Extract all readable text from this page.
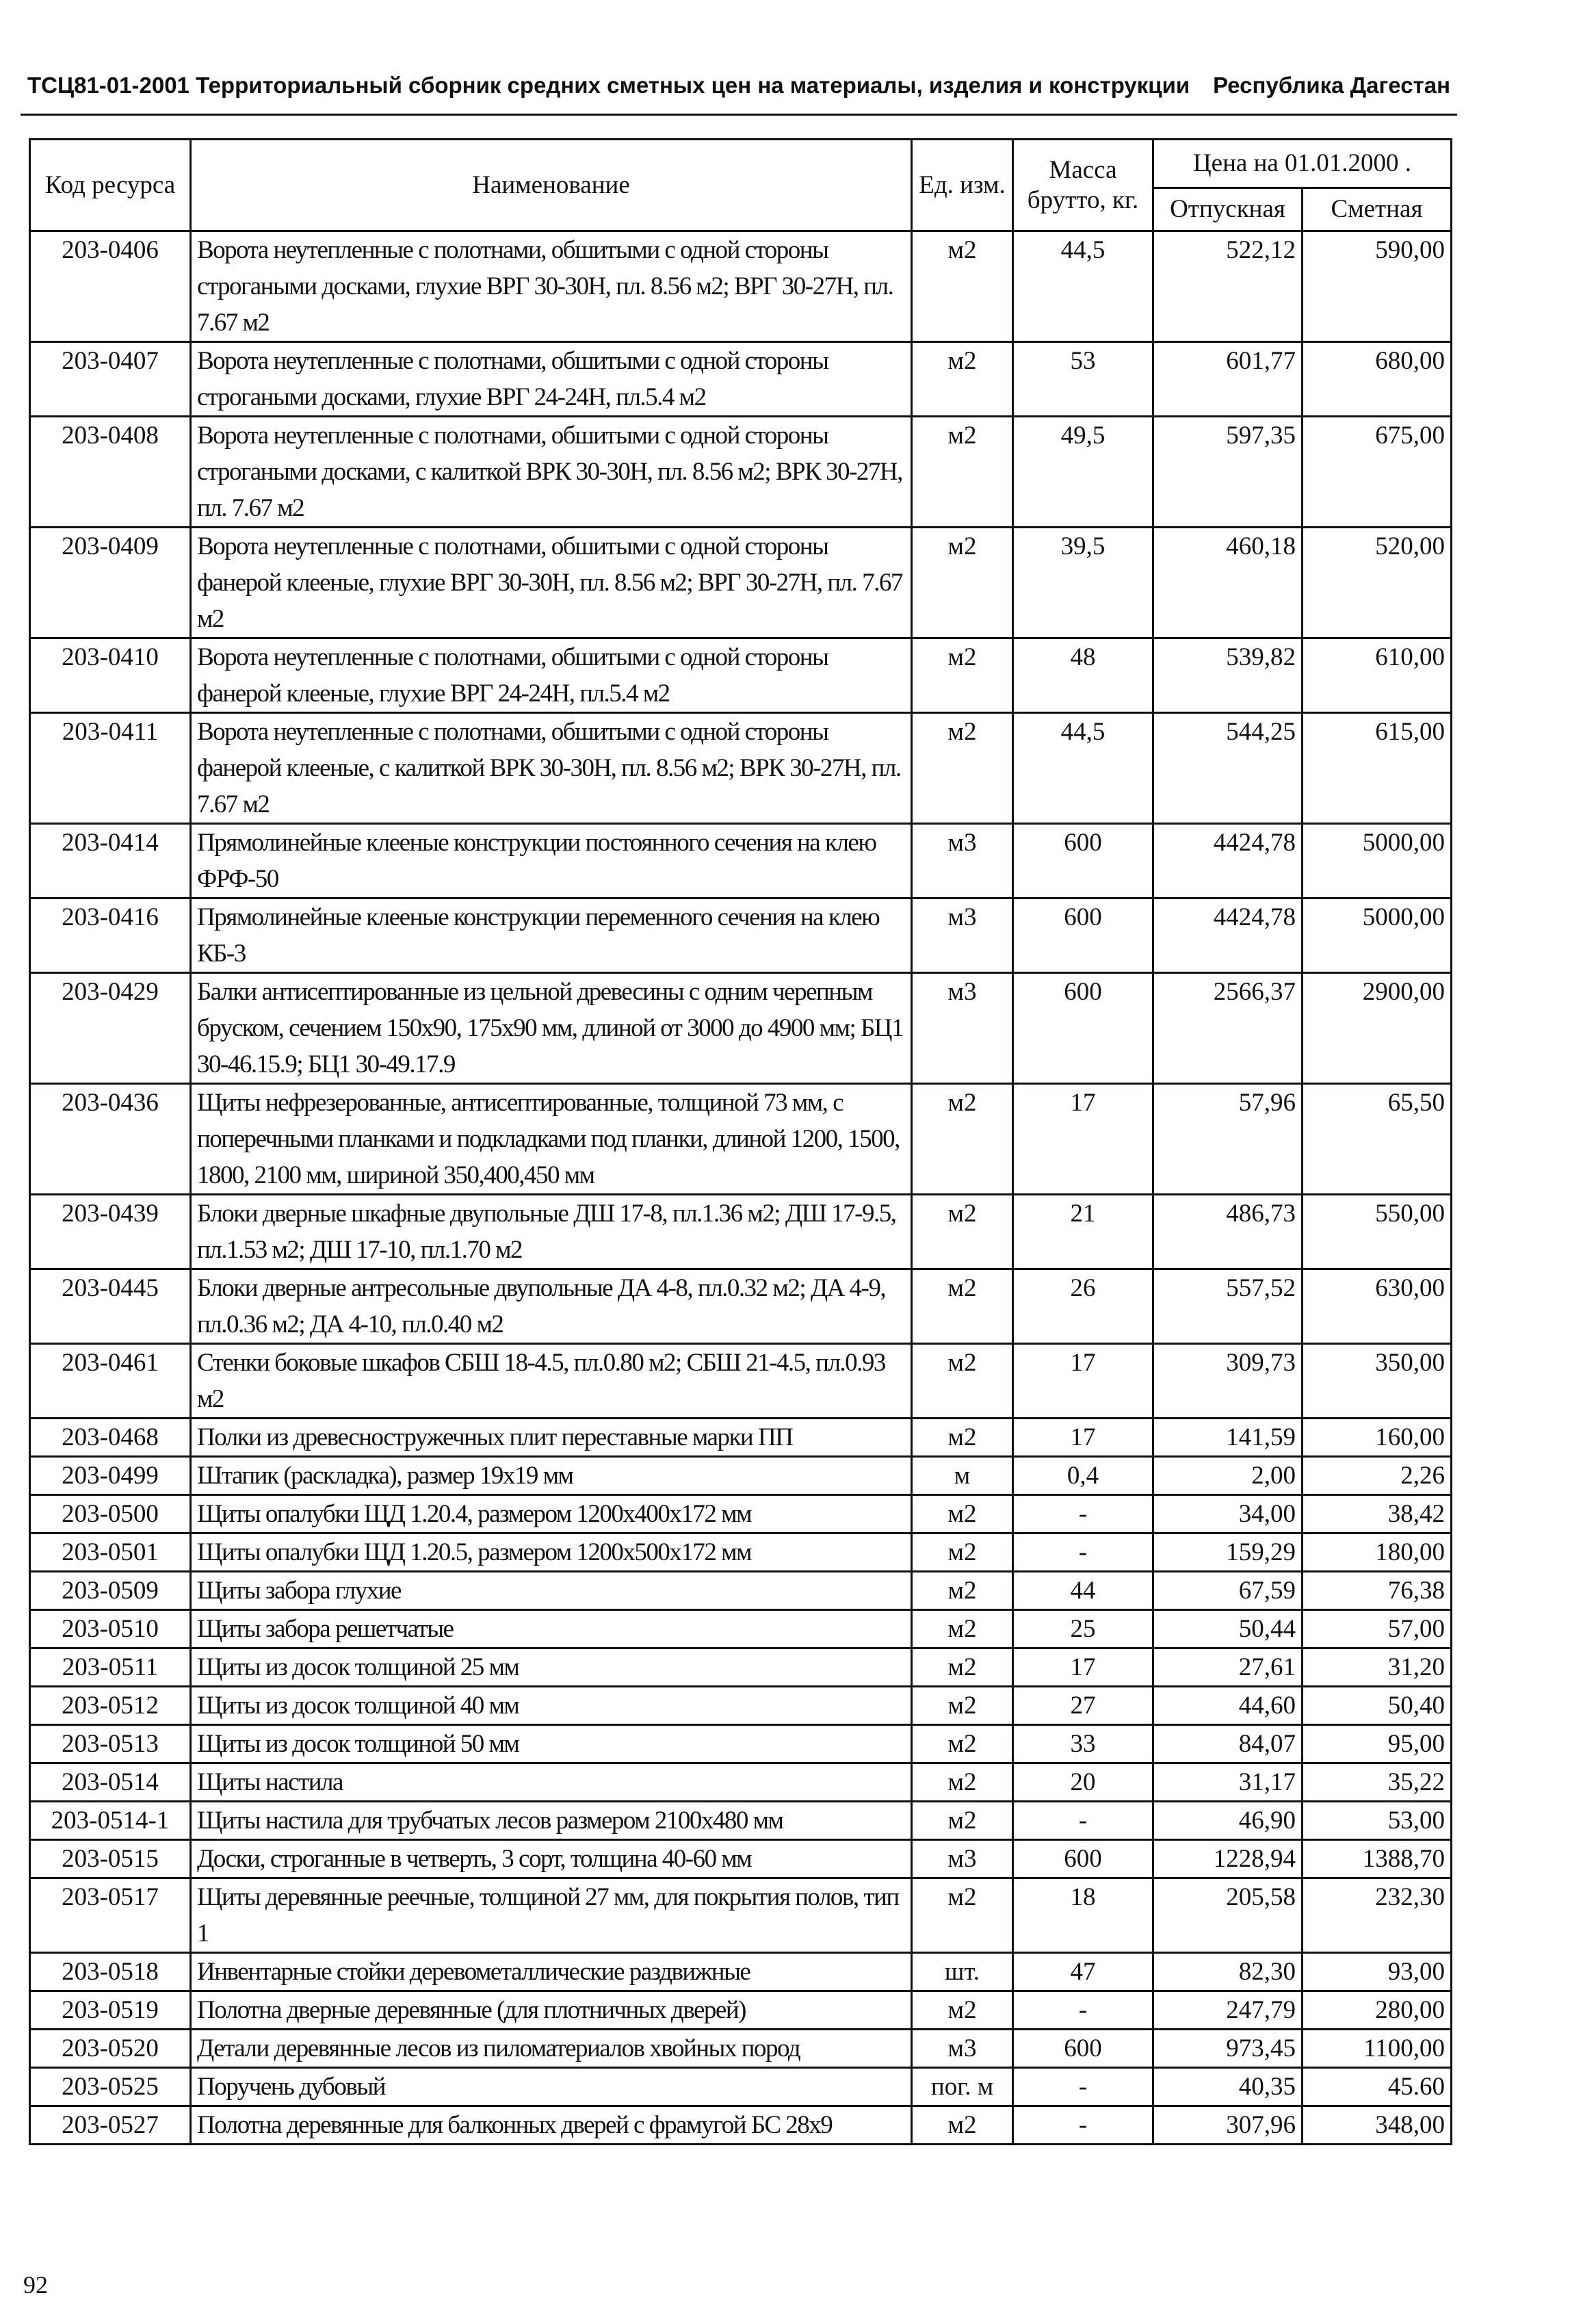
ТСЦ81-01-2001 Территориальный сборник средних сметных цен на материалы, изделия и конструкции Республика Дагестан
Код ресурса	Наименование	Ед. изм.	Масса брутто, кг.	Цена на 01.01.2000 .	
				Отпускная	Сметная
203-0406	Ворота неутепленные с полотнами, обшитыми с одной стороны строгаными досками, глухие ВРГ 30-30Н, пл. 8.56 м2; ВРГ 30-27Н, пл. 7.67 м2	м2	44,5	522,12	590,00
203-0407	Ворота неутепленные с полотнами, обшитыми с одной стороны строгаными досками, глухие ВРГ 24-24Н, пл.5.4 м2	м2	53	601,77	680,00
203-0408	Ворота неутепленные с полотнами, обшитыми с одной стороны строгаными досками, с калиткой ВРК 30-30Н, пл. 8.56 м2; ВРК 30-27Н, пл. 7.67 м2	м2	49,5	597,35	675,00
203-0409	Ворота неутепленные с полотнами, обшитыми с одной стороны фанерой клееные, глухие ВРГ 30-30Н, пл. 8.56 м2; ВРГ 30-27Н, пл. 7.67 м2	м2	39,5	460,18	520,00
203-0410	Ворота неутепленные с полотнами, обшитыми с одной стороны фанерой клееные, глухие ВРГ 24-24Н, пл.5.4 м2	м2	48	539,82	610,00
203-0411	Ворота неутепленные с полотнами, обшитыми с одной стороны фанерой клееные, с калиткой ВРК 30-30Н, пл. 8.56 м2; ВРК 30-27Н, пл. 7.67 м2	м2	44,5	544,25	615,00
203-0414	Прямолинейные клееные конструкции постоянного сечения на клею ФРФ-50	м3	600	4424,78	5000,00
203-0416	Прямолинейные клееные конструкции переменного сечения на клею КБ-3	м3	600	4424,78	5000,00
203-0429	Балки антисептированные из цельной древесины с одним черепным бруском, сечением 150х90, 175х90 мм, длиной от 3000 до 4900 мм; БЦ1 30-46.15.9; БЦ1 30-49.17.9	м3	600	2566,37	2900,00
203-0436	Щиты нефрезерованные, антисептированные, толщиной 73 мм, с поперечными планками и подкладками под планки, длиной 1200, 1500, 1800, 2100 мм, шириной 350,400,450 мм	м2	17	57,96	65,50
203-0439	Блоки дверные шкафные двупольные ДШ 17-8, пл.1.36 м2; ДШ 17-9.5, пл.1.53 м2; ДШ 17-10, пл.1.70 м2	м2	21	486,73	550,00
203-0445	Блоки дверные антресольные двупольные ДА 4-8, пл.0.32 м2; ДА 4-9, пл.0.36 м2; ДА 4-10, пл.0.40 м2	м2	26	557,52	630,00
203-0461	Стенки боковые шкафов СБШ 18-4.5, пл.0.80 м2; СБШ 21-4.5, пл.0.93 м2	м2	17	309,73	350,00
203-0468	Полки из древесностружечных плит переставные марки ПП	м2	17	141,59	160,00
203-0499	Штапик (раскладка), размер 19х19 мм	м	0,4	2,00	2,26
203-0500	Щиты опалубки ЩД 1.20.4, размером 1200х400х172 мм	м2	-	34,00	38,42
203-0501	Щиты опалубки ЩД 1.20.5, размером 1200х500х172 мм	м2	-	159,29	180,00
203-0509	Щиты забора глухие	м2	44	67,59	76,38
203-0510	Щиты забора решетчатые	м2	25	50,44	57,00
203-0511	Щиты из досок толщиной 25 мм	м2	17	27,61	31,20
203-0512	Щиты из досок толщиной 40 мм	м2	27	44,60	50,40
203-0513	Щиты из досок толщиной 50 мм	м2	33	84,07	95,00
203-0514	Щиты настила	м2	20	31,17	35,22
203-0514-1	Щиты настила для трубчатых лесов размером 2100х480 мм	м2	-	46,90	53,00
203-0515	Доски, строганные в четверть, 3 сорт, толщина 40-60 мм	м3	600	1228,94	1388,70
203-0517	Щиты деревянные реечные, толщиной 27 мм, для покрытия полов, тип 1	м2	18	205,58	232,30
203-0518	Инвентарные стойки деревометаллические раздвижные	шт.	47	82,30	93,00
203-0519	Полотна дверные деревянные (для плотничных дверей)	м2	-	247,79	280,00
203-0520	Детали деревянные лесов из пиломатериалов хвойных пород	м3	600	973,45	1100,00
203-0525	Поручень дубовый	пог. м	-	40,35	45.60
203-0527	Полотна деревянные для балконных дверей с фрамугой БС 28х9	м2	-	307,96	348,00
92
